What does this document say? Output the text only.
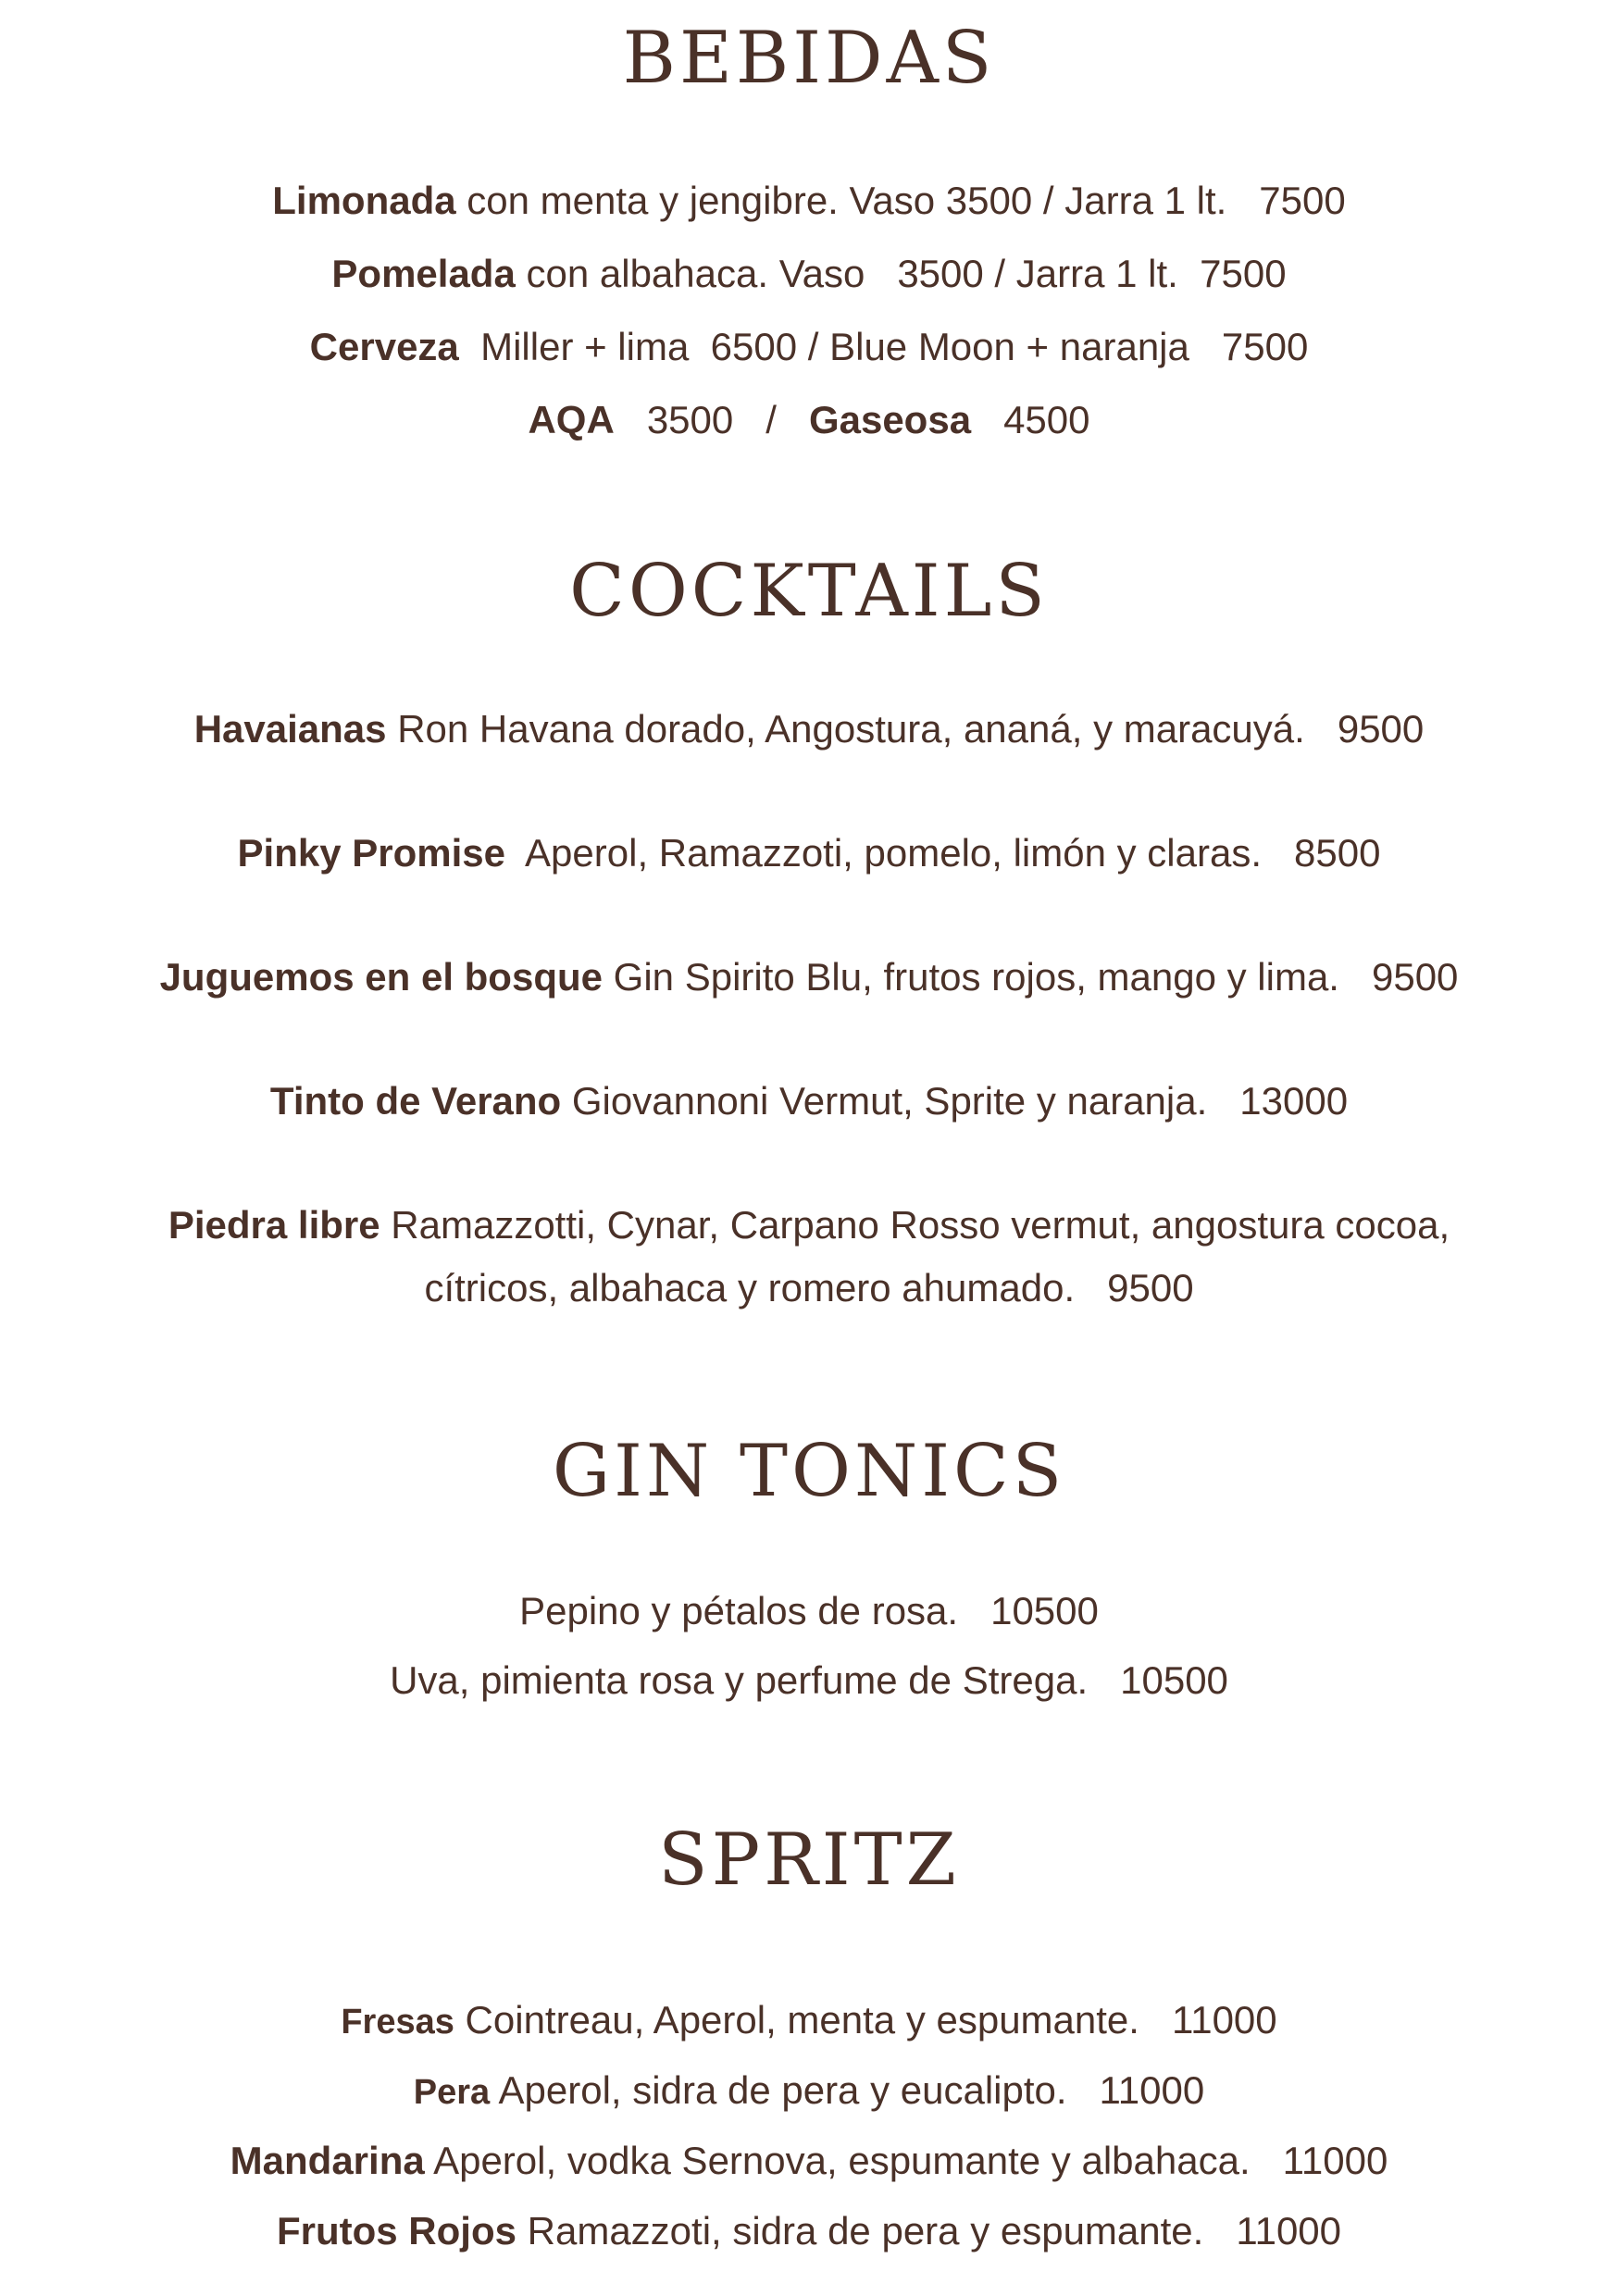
BEBIDAS
Limonada con menta y jengibre. Vaso 3500 / Jarra 1 lt.   7500
Pomelada con albahaca. Vaso   3500 / Jarra 1 lt.  7500
Cerveza  Miller + lima  6500 / Blue Moon + naranja   7500
AQA   3500   /   Gaseosa   4500
COCKTAILS
Havaianas Ron Havana dorado, Angostura, ananá, y maracuyá.   9500
Pinky Promise  Aperol, Ramazzoti, pomelo, limón y claras.   8500
Juguemos en el bosque Gin Spirito Blu, frutos rojos, mango y lima.   9500
Tinto de Verano Giovannoni Vermut, Sprite y naranja.   13000
Piedra libre Ramazzotti, Cynar, Carpano Rosso vermut, angostura cocoa,
cítricos, albahaca y romero ahumado.   9500
GIN TONICS
Pepino y pétalos de rosa.   10500
Uva, pimienta rosa y perfume de Strega.   10500
SPRITZ
Fresas Cointreau, Aperol, menta y espumante.   11000
Pera Aperol, sidra de pera y eucalipto.   11000
Mandarina Aperol, vodka Sernova, espumante y albahaca.   11000
Frutos Rojos Ramazzoti, sidra de pera y espumante.   11000
